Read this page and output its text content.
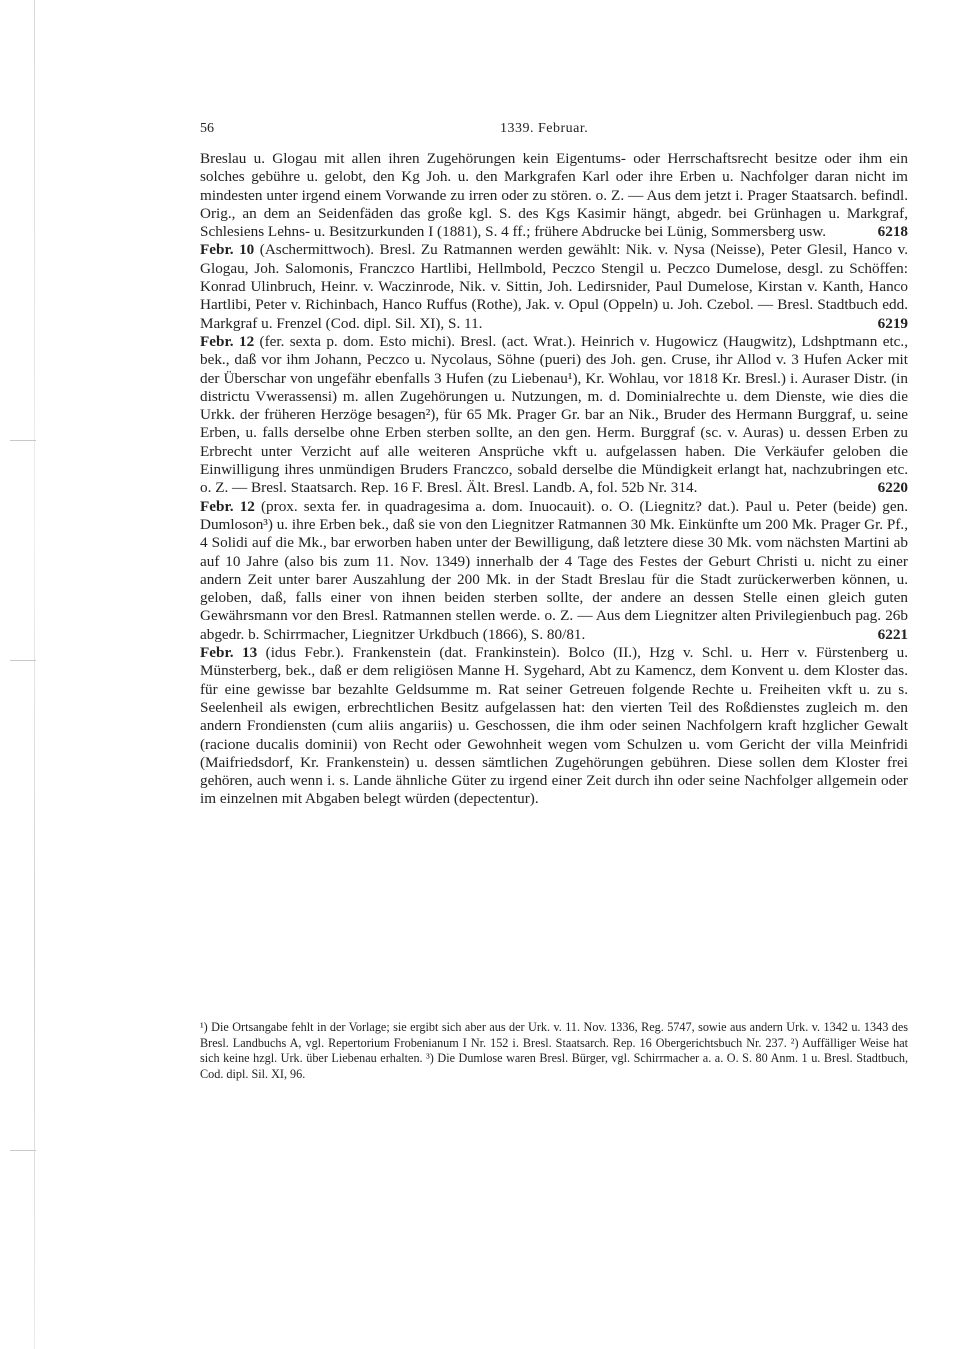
56	1339. Februar.

Breslau u. Glogau mit allen ihren Zugehörungen kein Eigentums- oder Herrschaftsrecht besitze oder ihm ein solches gebühre u. gelobt, den Kg Joh. u. den Markgrafen Karl oder ihre Erben u. Nachfolger daran nicht im mindesten unter irgend einem Vorwande zu irren oder zu stören. o. Z. — Aus dem jetzt i. Prager Staatsarch. befindl. Orig., an dem an Seidenfäden das große kgl. S. des Kgs Kasimir hängt, abgedr. bei Grünhagen u. Markgraf, Schlesiens Lehns- u. Besitzurkunden I (1881), S. 4 ff.; frühere Abdrucke bei Lünig, Sommersberg usw.	6218

Febr. 10 (Aschermittwoch). Bresl. Zu Ratmannen werden gewählt: Nik. v. Nysa (Neisse), Peter Glesil, Hanco v. Glogau, Joh. Salomonis, Franczco Hartlibi, Hellmbold, Peczco Stengil u. Peczco Dumelose, desgl. zu Schöffen: Konrad Ulinbruch, Heinr. v. Waczinrode, Nik. v. Sittin, Joh. Ledirsnider, Paul Dumelose, Kirstan v. Kanth, Hanco Hartlibi, Peter v. Richinbach, Hanco Ruffus (Rothe), Jak. v. Opul (Oppeln) u. Joh. Czebol. — Bresl. Stadtbuch edd. Markgraf u. Frenzel (Cod. dipl. Sil. XI), S. 11.	6219

Febr. 12 (fer. sexta p. dom. Esto michi). Bresl. (act. Wrat.). Heinrich v. Hugowicz (Haugwitz), Ldshptmann etc., bek., daß vor ihm Johann, Peczco u. Nycolaus, Söhne (pueri) des Joh. gen. Cruse, ihr Allod v. 3 Hufen Acker mit der Überschar von ungefähr ebenfalls 3 Hufen (zu Liebenau¹), Kr. Wohlau, vor 1818 Kr. Bresl.) i. Auraser Distr. (in districtu Vwerassensi) m. allen Zugehörungen u. Nutzungen, m. d. Dominialrechte u. dem Dienste, wie dies die Urkk. der früheren Herzöge besagen²), für 65 Mk. Prager Gr. bar an Nik., Bruder des Hermann Burggraf, u. seine Erben, u. falls derselbe ohne Erben sterben sollte, an den gen. Herm. Burggraf (sc. v. Auras) u. dessen Erben zu Erbrecht unter Verzicht auf alle weiteren Ansprüche vkft u. aufgelassen haben. Die Verkäufer geloben die Einwilligung ihres unmündigen Bruders Franczco, sobald derselbe die Mündigkeit erlangt hat, nachzubringen etc. o. Z. — Bresl. Staatsarch. Rep. 16 F. Bresl. Ält. Bresl. Landb. A, fol. 52b Nr. 314.	6220

Febr. 12 (prox. sexta fer. in quadragesima a. dom. Inuocauit). o. O. (Liegnitz? dat.). Paul u. Peter (beide) gen. Dumloson³) u. ihre Erben bek., daß sie von den Liegnitzer Ratmannen 30 Mk. Einkünfte um 200 Mk. Prager Gr. Pf., 4 Solidi auf die Mk., bar erworben haben unter der Bewilligung, daß letztere diese 30 Mk. vom nächsten Martini ab auf 10 Jahre (also bis zum 11. Nov. 1349) innerhalb der 4 Tage des Festes der Geburt Christi u. nicht zu einer andern Zeit unter barer Auszahlung der 200 Mk. in der Stadt Breslau für die Stadt zurückerwerben können, u. geloben, daß, falls einer von ihnen beiden sterben sollte, der andere an dessen Stelle einen gleich guten Gewährsmann vor den Bresl. Ratmannen stellen werde. o. Z. — Aus dem Liegnitzer alten Privilegienbuch pag. 26b abgedr. b. Schirrmacher, Liegnitzer Urkdbuch (1866), S. 80/81.	6221

Febr. 13 (idus Febr.). Frankenstein (dat. Frankinstein). Bolco (II.), Hzg v. Schl. u. Herr v. Fürstenberg u. Münsterberg, bek., daß er dem religiösen Manne H. Sygehard, Abt zu Kamencz, dem Konvent u. dem Kloster das. für eine gewisse bar bezahlte Geldsumme m. Rat seiner Getreuen folgende Rechte u. Freiheiten vkft u. zu s. Seelenheil als ewigen, erbrechtlichen Besitz aufgelassen hat: den vierten Teil des Roßdienstes zugleich m. den andern Frondiensten (cum aliis angariis) u. Geschossen, die ihm oder seinen Nachfolgern kraft hzglicher Gewalt (racione ducalis dominii) von Recht oder Gewohnheit wegen vom Schulzen u. vom Gericht der villa Meinfridi (Maifriedsdorf, Kr. Frankenstein) u. dessen sämtlichen Zugehörungen gebühren. Diese sollen dem Kloster frei gehören, auch wenn i. s. Lande ähnliche Güter zu irgend einer Zeit durch ihn oder seine Nachfolger allgemein oder im einzelnen mit Abgaben belegt würden (depectentur).

¹) Die Ortsangabe fehlt in der Vorlage; sie ergibt sich aber aus der Urk. v. 11. Nov. 1336, Reg. 5747, sowie aus andern Urk. v. 1342 u. 1343 des Bresl. Landbuchs A, vgl. Repertorium Frobenianum I Nr. 152 i. Bresl. Staatsarch. Rep. 16 Obergerichtsbuch Nr. 237. ²) Auffälliger Weise hat sich keine hzgl. Urk. über Liebenau erhalten. ³) Die Dumlose waren Bresl. Bürger, vgl. Schirrmacher a. a. O. S. 80 Anm. 1 u. Bresl. Stadtbuch, Cod. dipl. Sil. XI, 96.
